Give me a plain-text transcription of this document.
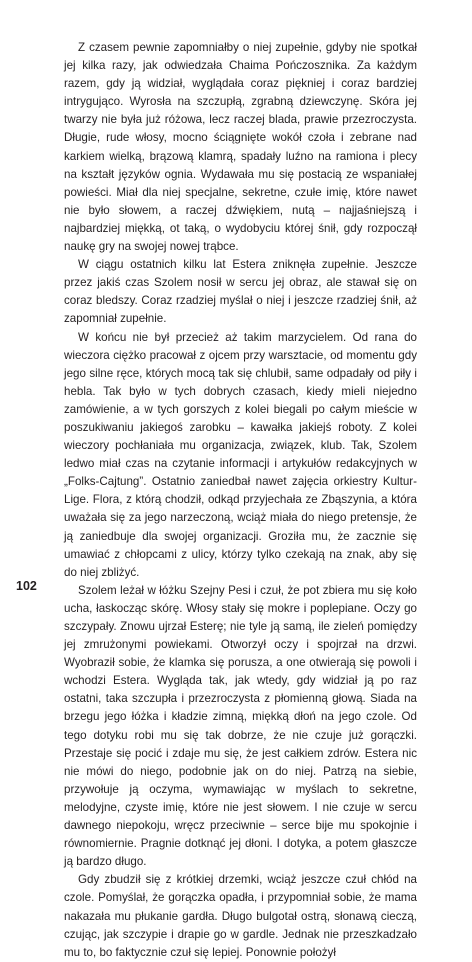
Z czasem pewnie zapomniałby o niej zupełnie, gdyby nie spotkał jej kilka razy, jak odwiedzała Chaima Pończosznika. Za każdym razem, gdy ją widział, wyglądała coraz piękniej i coraz bardziej intrygująco. Wyrosła na szczupłą, zgrabną dziewczynę. Skóra jej twarzy nie była już różowa, lecz raczej blada, prawie przezroczysta. Długie, rude włosy, mocno ściągnięte wokół czoła i zebrane nad karkiem wielką, brązową klamrą, spadały luźno na ramiona i plecy na kształt języków ognia. Wydawała mu się postacią ze wspaniałej powieści. Miał dla niej specjalne, sekretne, czułe imię, które nawet nie było słowem, a raczej dźwiękiem, nutą – najjaśniejszą i najbardziej miękką, ot taką, o wydobyciu której śnił, gdy rozpoczął naukę gry na swojej nowej trąbce.

W ciągu ostatnich kilku lat Estera zniknęła zupełnie. Jeszcze przez jakiś czas Szolem nosił w sercu jej obraz, ale stawał się on coraz bledszy. Coraz rzadziej myślał o niej i jeszcze rzadziej śnił, aż zapomniał zupełnie.

W końcu nie był przecież aż takim marzycielem. Od rana do wieczora ciężko pracował z ojcem przy warsztacie, od momentu gdy jego silne ręce, których mocą tak się chlubił, same odpadały od piły i hebla. Tak było w tych dobrych czasach, kiedy mieli niejedno zamówienie, a w tych gorszych z kolei biegali po całym mieście w poszukiwaniu jakiegoś zarobku – kawałka jakiejś roboty. Z kolei wieczory pochłaniała mu organizacja, związek, klub. Tak, Szolem ledwo miał czas na czytanie informacji i artykułów redakcyjnych w „Folks-Cajtung”. Ostatnio zaniedbał nawet zajęcia orkiestry Kultur-Lige. Flora, z którą chodził, odkąd przyjechała ze Zbąszynia, a która uważała się za jego narzeczoną, wciąż miała do niego pretensje, że ją zaniedbuje dla swojej organizacji. Groziła mu, że zacznie się umawiać z chłopcami z ulicy, którzy tylko czekają na znak, aby się do niej zbliżyć.

Szolem leżał w łóżku Szejny Pesi i czuł, że pot zbiera mu się koło ucha, łaskocząc skórę. Włosy stały się mokre i poplepiane. Oczy go szczypały. Znowu ujrzał Esterę; nie tyle ją samą, ile zieleń pomiędzy jej zmrużonymi powiekami. Otworzył oczy i spojrzał na drzwi. Wyobraził sobie, że klamka się porusza, a one otwierają się powoli i wchodzi Estera. Wygląda tak, jak wtedy, gdy widział ją po raz ostatni, taka szczupła i przezroczysta z płomienną głową. Siada na brzegu jego łóżka i kładzie zimną, miękką dłoń na jego czole. Od tego dotyku robi mu się tak dobrze, że nie czuje już gorączki. Przestaje się pocić i zdaje mu się, że jest całkiem zdrów. Estera nic nie mówi do niego, podobnie jak on do niej. Patrzą na siebie, przywołuje ją oczyma, wymawiając w myślach to sekretne, melodyjne, czyste imię, które nie jest słowem. I nie czuje w sercu dawnego niepokoju, wręcz przeciwnie – serce bije mu spokojnie i równomiernie. Pragnie dotknąć jej dłoni. I dotyka, a potem głaszcze ją bardzo długo.

Gdy zbudził się z krótkiej drzemki, wciąż jeszcze czuł chłód na czole. Pomyślał, że gorączka opadła, i przypomniał sobie, że mama nakazała mu płukanie gardła. Długo bulgotał ostrą, słonawą cieczą, czując, jak szczypie i drapie go w gardle. Jednak nie przeszkadzało mu to, bo faktycznie czuł się lepiej. Ponownie położył

102
